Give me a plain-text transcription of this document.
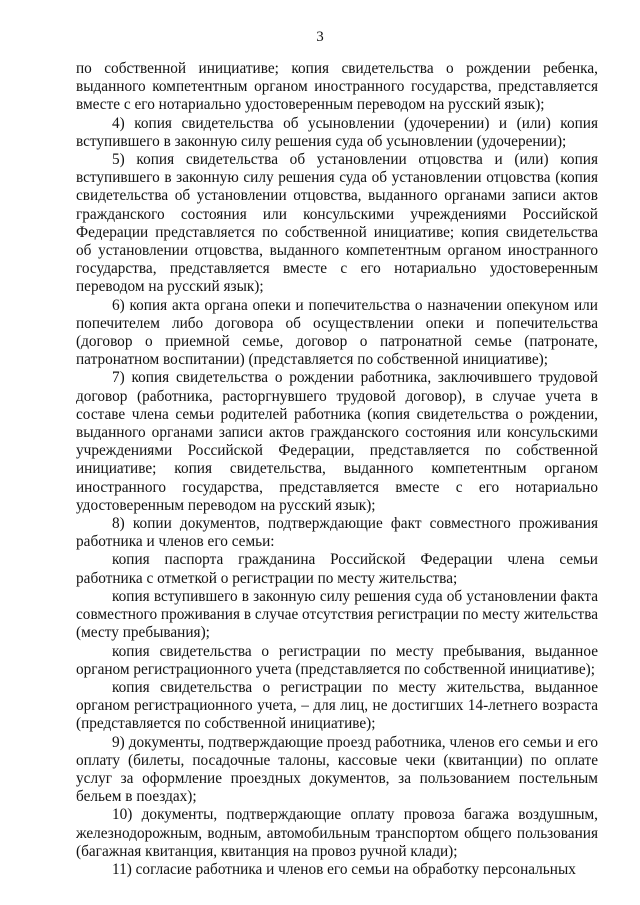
3

по собственной инициативе; копия свидетельства о рождении ребенка, выданного компетентным органом иностранного государства, представляется вместе с его нотариально удостоверенным переводом на русский язык);

4) копия свидетельства об усыновлении (удочерении) и (или) копия вступившего в законную силу решения суда об усыновлении (удочерении);

5) копия свидетельства об установлении отцовства и (или) копия вступившего в законную силу решения суда об установлении отцовства (копия свидетельства об установлении отцовства, выданного органами записи актов гражданского состояния или консульскими учреждениями Российской Федерации представляется по собственной инициативе; копия свидетельства об установлении отцовства, выданного компетентным органом иностранного государства, представляется вместе с его нотариально удостоверенным переводом на русский язык);

6) копия акта органа опеки и попечительства о назначении опекуном или попечителем либо договора об осуществлении опеки и попечительства (договор о приемной семье, договор о патронатной семье (патронате, патронатном воспитании) (представляется по собственной инициативе);

7) копия свидетельства о рождении работника, заключившего трудовой договор (работника, расторгнувшего трудовой договор), в случае учета в составе члена семьи родителей работника (копия свидетельства о рождении, выданного органами записи актов гражданского состояния или консульскими учреждениями Российской Федерации, представляется по собственной инициативе; копия свидетельства, выданного компетентным органом иностранного государства, представляется вместе с его нотариально удостоверенным переводом на русский язык);

8) копии документов, подтверждающие факт совместного проживания работника и членов его семьи:

копия паспорта гражданина Российской Федерации члена семьи работника с отметкой о регистрации по месту жительства;

копия вступившего в законную силу решения суда об установлении факта совместного проживания в случае отсутствия регистрации по месту жительства (месту пребывания);

копия свидетельства о регистрации по месту пребывания, выданное органом регистрационного учета (представляется по собственной инициативе);

копия свидетельства о регистрации по месту жительства, выданное органом регистрационного учета, – для лиц, не достигших 14-летнего возраста (представляется по собственной инициативе);

9) документы, подтверждающие проезд работника, членов его семьи и его оплату (билеты, посадочные талоны, кассовые чеки (квитанции) по оплате услуг за оформление проездных документов, за пользованием постельным бельем в поездах);

10) документы, подтверждающие оплату провоза багажа воздушным, железнодорожным, водным, автомобильным транспортом общего пользования (багажная квитанция, квитанция на провоз ручной клади);

11) согласие работника и членов его семьи на обработку персональных
